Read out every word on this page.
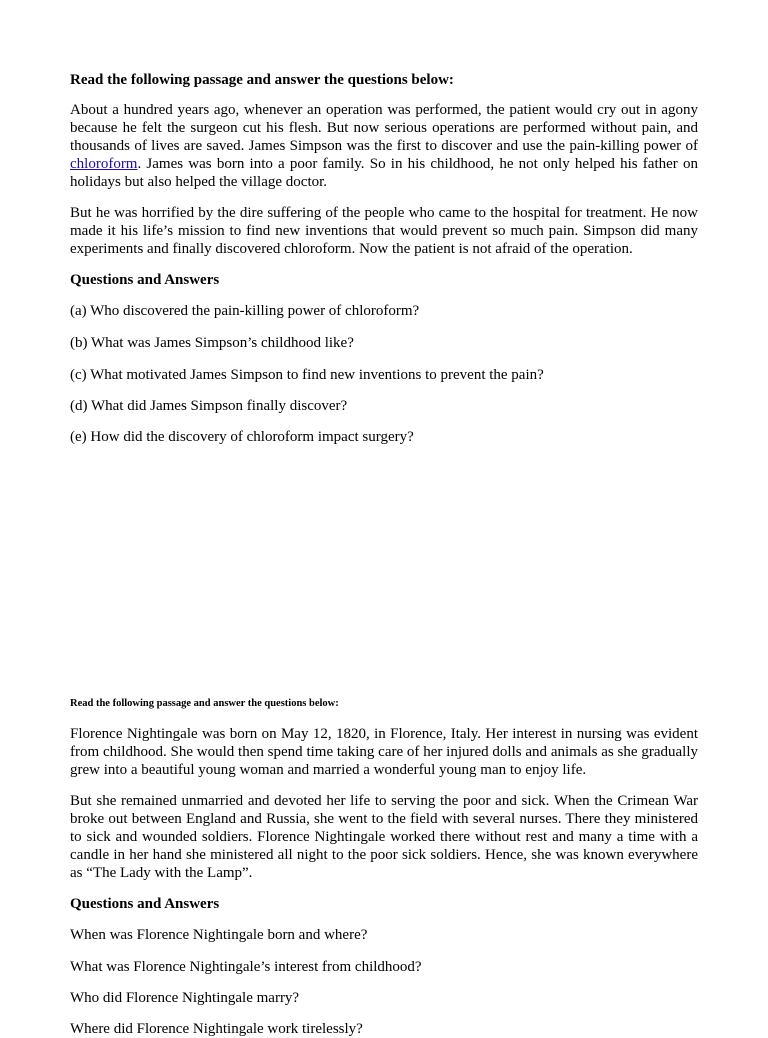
Read the following passage and answer the questions below:

About a hundred years ago, whenever an operation was performed, the patient would cry out in agony because he felt the surgeon cut his flesh. But now serious operations are performed without pain, and thousands of lives are saved. James Simpson was the first to discover and use the pain-killing power of chloroform. James was born into a poor family. So in his childhood, he not only helped his father on holidays but also helped the village doctor.

But he was horrified by the dire suffering of the people who came to the hospital for treatment. He now made it his life’s mission to find new inventions that would prevent so much pain. Simpson did many experiments and finally discovered chloroform. Now the patient is not afraid of the operation.

Questions and Answers

(a) Who discovered the pain-killing power of chloroform?

(b) What was James Simpson’s childhood like?

(c) What motivated James Simpson to find new inventions to prevent the pain?

(d) What did James Simpson finally discover?

(e) How did the discovery of chloroform impact surgery?

Read the following passage and answer the questions below:

Florence Nightingale was born on May 12, 1820, in Florence, Italy. Her interest in nursing was evident from childhood. She would then spend time taking care of her injured dolls and animals as she gradually grew into a beautiful young woman and married a wonderful young man to enjoy life.

But she remained unmarried and devoted her life to serving the poor and sick. When the Crimean War broke out between England and Russia, she went to the field with several nurses. There they ministered to sick and wounded soldiers. Florence Nightingale worked there without rest and many a time with a candle in her hand she ministered all night to the poor sick soldiers. Hence, she was known everywhere as “The Lady with the Lamp”.

Questions and Answers

When was Florence Nightingale born and where?

What was Florence Nightingale’s interest from childhood?

Who did Florence Nightingale marry?

Where did Florence Nightingale work tirelessly?
